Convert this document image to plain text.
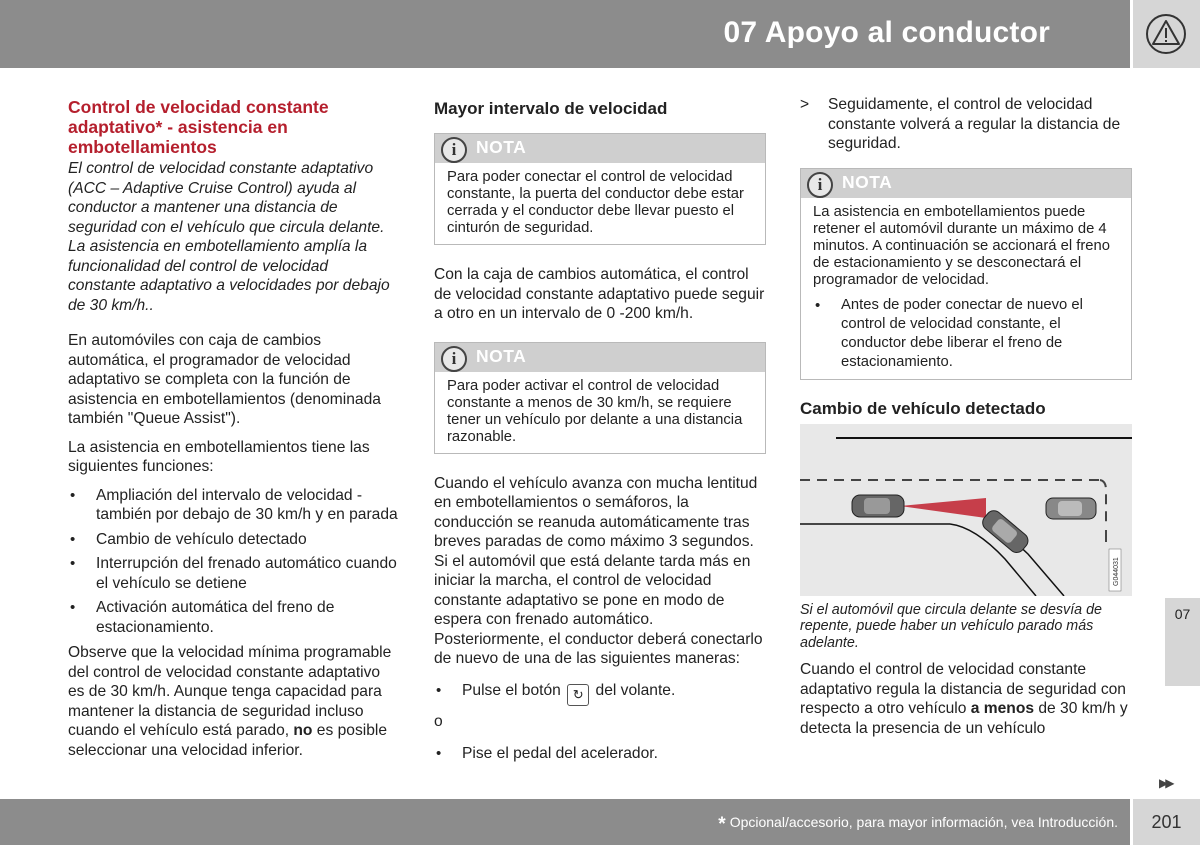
07 Apoyo al conductor
Control de velocidad constante adaptativo* - asistencia en embotellamientos

El control de velocidad constante adaptativo (ACC – Adaptive Cruise Control) ayuda al conductor a mantener una distancia de seguridad con el vehículo que circula delante. La asistencia en embotellamiento amplía la funcionalidad del control de velocidad constante adaptativo a velocidades por debajo de 30 km/h..

En automóviles con caja de cambios automática, el programador de velocidad adaptativo se completa con la función de asistencia en embotellamientos (denominada también "Queue Assist").

La asistencia en embotellamientos tiene las siguientes funciones:

• Ampliación del intervalo de velocidad - también por debajo de 30 km/h y en parada
• Cambio de vehículo detectado
• Interrupción del frenado automático cuando el vehículo se detiene
• Activación automática del freno de estacionamiento.

Observe que la velocidad mínima programable del control de velocidad constante adaptativo es de 30 km/h. Aunque tenga capacidad para mantener la distancia de seguridad incluso cuando el vehículo está parado, no es posible seleccionar una velocidad inferior.

Mayor intervalo de velocidad
i	NOTA
Para poder conectar el control de velocidad constante, la puerta del conductor debe estar cerrada y el conductor debe llevar puesto el cinturón de seguridad.

Con la caja de cambios automática, el control de velocidad constante adaptativo puede seguir a otro en un intervalo de 0 -200 km/h.

i	NOTA
Para poder activar el control de velocidad constante a menos de 30 km/h, se requiere tener un vehículo por delante a una distancia razonable.

Cuando el vehículo avanza con mucha lentitud en embotellamientos o semáforos, la conducción se reanuda automáticamente tras breves paradas de como máximo 3 segundos. Si el automóvil que está delante tarda más en iniciar la marcha, el control de velocidad constante adaptativo se pone en modo de espera con frenado automático. Posteriormente, el conductor deberá conectarlo de nuevo de una de las siguientes maneras:

• Pulse el botón ↻ del volante.

o

• Pise el pedal del acelerador.
> Seguidamente, el control de velocidad constante volverá a regular la distancia de seguridad.
i	NOTA
La asistencia en embotellamientos puede retener el automóvil durante un máximo de 4 minutos. A continuación se accionará el freno de estacionamiento y se desconectará el programador de velocidad.
• Antes de poder conectar de nuevo el control de velocidad constante, el conductor debe liberar el freno de estacionamiento.
Cambio de vehículo detectado
G044031

Si el automóvil que circula delante se desvía de repente, puede haber un vehículo parado más adelante.

Cuando el control de velocidad constante adaptativo regula la distancia de seguridad con respecto a otro vehículo a menos de 30 km/h y detecta la presencia de un vehículo

07
▶▶
* Opcional/accesorio, para mayor información, vea Introducción.	201
